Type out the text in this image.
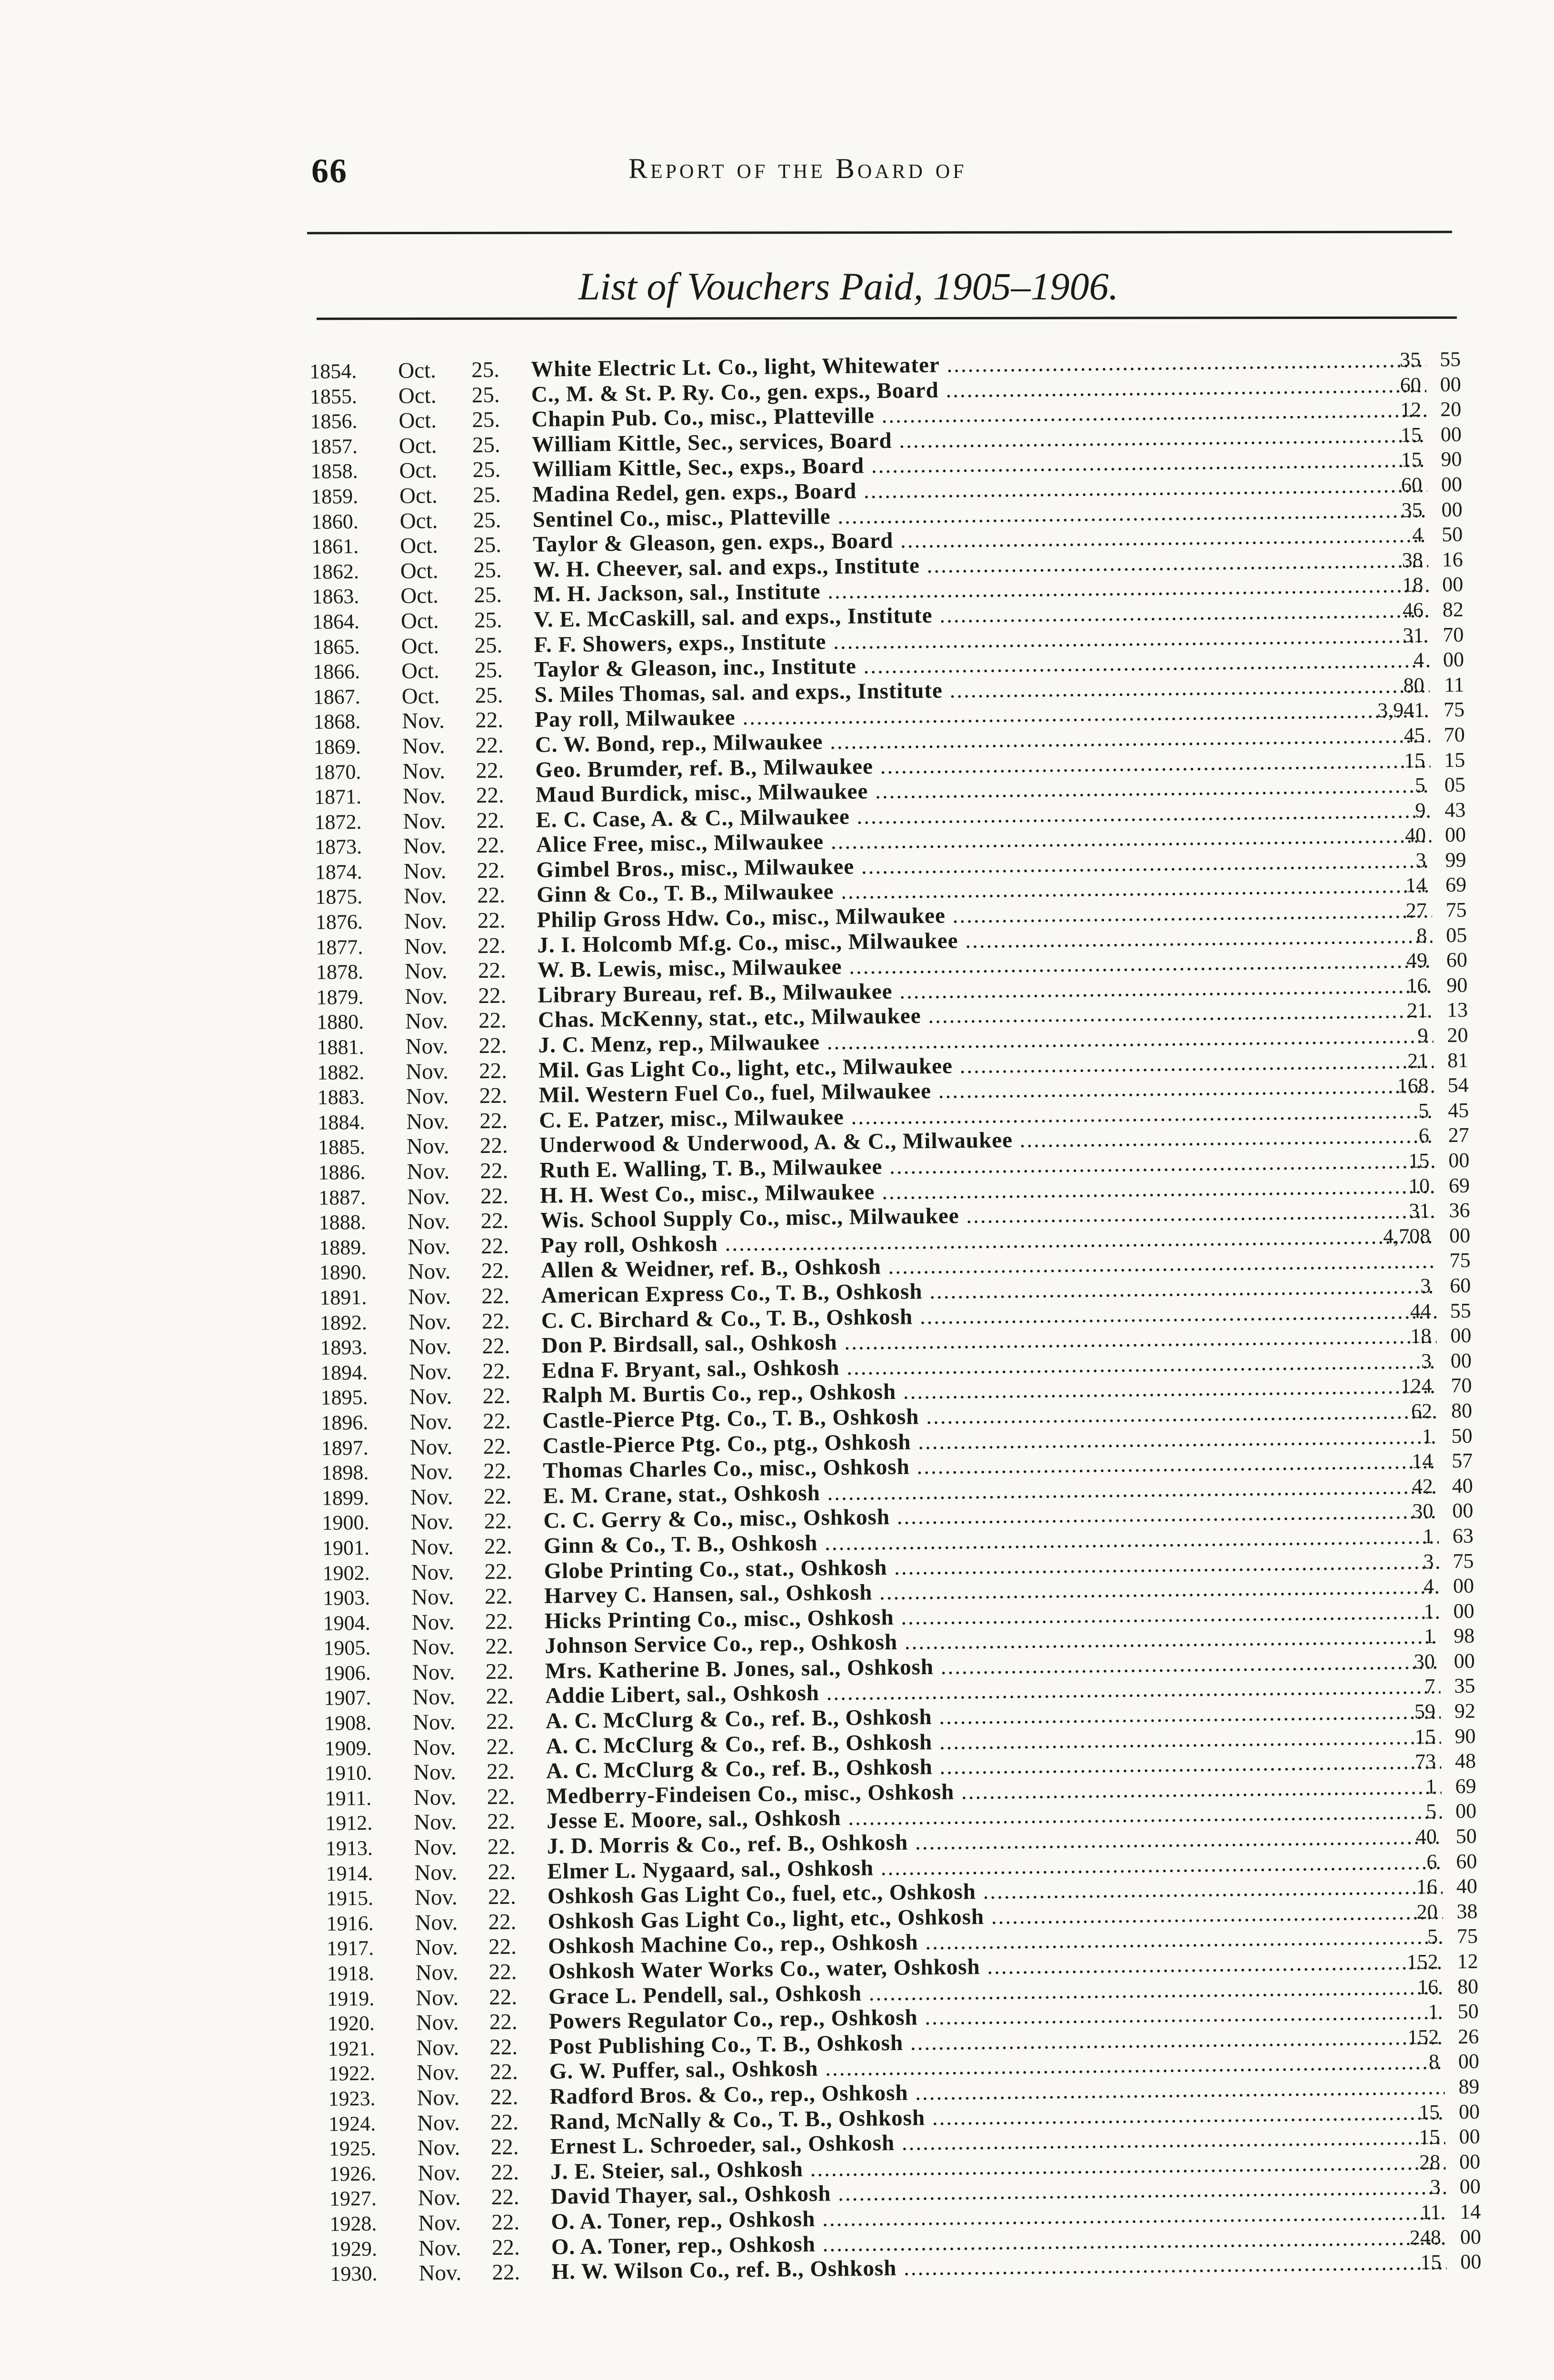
66	Report of the Board of
List of Vouchers Paid, 1905–1906.
1854.	Oct.	25.	White Electric Lt. Co., light, Whitewater .....	35 55
1855.	Oct.	25.	C., M. & St. P. Ry. Co., gen. exps., Board .....	60 00
1856.	Oct.	25.	Chapin Pub. Co., misc., Platteville .....	12 20
1857.	Oct.	25.	William Kittle, Sec., services, Board .....	15 00
1858.	Oct.	25.	William Kittle, Sec., exps., Board .....	15 90
1859.	Oct.	25.	Madina Redel, gen. exps., Board .....	60 00
1860.	Oct.	25.	Sentinel Co., misc., Platteville .....	35 00
1861.	Oct.	25.	Taylor & Gleason, gen. exps., Board .....	4 50
1862.	Oct.	25.	W. H. Cheever, sal. and exps., Institute .....	38 16
1863.	Oct.	25.	M. H. Jackson, sal., Institute .....	18 00
1864.	Oct.	25.	V. E. McCaskill, sal. and exps., Institute .....	46 82
1865.	Oct.	25.	F. F. Showers, exps., Institute .....	31 70
1866.	Oct.	25.	Taylor & Gleason, inc., Institute .....	4 00
1867.	Oct.	25.	S. Miles Thomas, sal. and exps., Institute .....	80 11
1868.	Nov.	22.	Pay roll, Milwaukee .....	3,941 75
1869.	Nov.	22.	C. W. Bond, rep., Milwaukee .....	45 70
1870.	Nov.	22.	Geo. Brumder, ref. B., Milwaukee .....	15 15
1871.	Nov.	22.	Maud Burdick, misc., Milwaukee .....	5 05
1872.	Nov.	22.	E. C. Case, A. & C., Milwaukee .....	9 43
1873.	Nov.	22.	Alice Free, misc., Milwaukee .....	40 00
1874.	Nov.	22.	Gimbel Bros., misc., Milwaukee .....	3 99
1875.	Nov.	22.	Ginn & Co., T. B., Milwaukee .....	14 69
1876.	Nov.	22.	Philip Gross Hdw. Co., misc., Milwaukee .....	27 75
1877.	Nov.	22.	J. I. Holcomb Mf.g. Co., misc., Milwaukee .....	8 05
1878.	Nov.	22.	W. B. Lewis, misc., Milwaukee .....	49 60
1879.	Nov.	22.	Library Bureau, ref. B., Milwaukee .....	16 90
1880.	Nov.	22.	Chas. McKenny, stat., etc., Milwaukee .....	21 13
1881.	Nov.	22.	J. C. Menz, rep., Milwaukee .....	9 20
1882.	Nov.	22.	Mil. Gas Light Co., light, etc., Milwaukee .....	21 81
1883.	Nov.	22.	Mil. Western Fuel Co., fuel, Milwaukee .....	168 54
1884.	Nov.	22.	C. E. Patzer, misc., Milwaukee .....	5 45
1885.	Nov.	22.	Underwood & Underwood, A. & C., Milwaukee .....	6 27
1886.	Nov.	22.	Ruth E. Walling, T. B., Milwaukee .....	15 00
1887.	Nov.	22.	H. H. West Co., misc., Milwaukee .....	10 69
1888.	Nov.	22.	Wis. School Supply Co., misc., Milwaukee .....	31 36
1889.	Nov.	22.	Pay roll, Oshkosh .....	4,708 00
1890.	Nov.	22.	Allen & Weidner, ref. B., Oshkosh .....	75
1891.	Nov.	22.	American Express Co., T. B., Oshkosh .....	3 60
1892.	Nov.	22.	C. C. Birchard & Co., T. B., Oshkosh .....	44 55
1893.	Nov.	22.	Don P. Birdsall, sal., Oshkosh .....	18 00
1894.	Nov.	22.	Edna F. Bryant, sal., Oshkosh .....	3 00
1895.	Nov.	22.	Ralph M. Burtis Co., rep., Oshkosh .....	124 70
1896.	Nov.	22.	Castle-Pierce Ptg. Co., T. B., Oshkosh .....	62 80
1897.	Nov.	22.	Castle-Pierce Ptg. Co., ptg., Oshkosh .....	1 50
1898.	Nov.	22.	Thomas Charles Co., misc., Oshkosh .....	14 57
1899.	Nov.	22.	E. M. Crane, stat., Oshkosh .....	42 40
1900.	Nov.	22.	C. C. Gerry & Co., misc., Oshkosh .....	30 00
1901.	Nov.	22.	Ginn & Co., T. B., Oshkosh .....	1 63
1902.	Nov.	22.	Globe Printing Co., stat., Oshkosh .....	3 75
1903.	Nov.	22.	Harvey C. Hansen, sal., Oshkosh .....	4 00
1904.	Nov.	22.	Hicks Printing Co., misc., Oshkosh .....	1 00
1905.	Nov.	22.	Johnson Service Co., rep., Oshkosh .....	1 98
1906.	Nov.	22.	Mrs. Katherine B. Jones, sal., Oshkosh .....	30 00
1907.	Nov.	22.	Addie Libert, sal., Oshkosh .....	7 35
1908.	Nov.	22.	A. C. McClurg & Co., ref. B., Oshkosh .....	59 92
1909.	Nov.	22.	A. C. McClurg & Co., ref. B., Oshkosh .....	15 90
1910.	Nov.	22.	A. C. McClurg & Co., ref. B., Oshkosh .....	73 48
1911.	Nov.	22.	Medberry-Findeisen Co., misc., Oshkosh .....	1 69
1912.	Nov.	22.	Jesse E. Moore, sal., Oshkosh .....	5 00
1913.	Nov.	22.	J. D. Morris & Co., ref. B., Oshkosh .....	40 50
1914.	Nov.	22.	Elmer L. Nygaard, sal., Oshkosh .....	6 60
1915.	Nov.	22.	Oshkosh Gas Light Co., fuel, etc., Oshkosh .....	16 40
1916.	Nov.	22.	Oshkosh Gas Light Co., light, etc., Oshkosh .....	20 38
1917.	Nov.	22.	Oshkosh Machine Co., rep., Oshkosh .....	5 75
1918.	Nov.	22.	Oshkosh Water Works Co., water, Oshkosh .....	152 12
1919.	Nov.	22.	Grace L. Pendell, sal., Oshkosh .....	16 80
1920.	Nov.	22.	Powers Regulator Co., rep., Oshkosh .....	1 50
1921.	Nov.	22.	Post Publishing Co., T. B., Oshkosh .....	152 26
1922.	Nov.	22.	G. W. Puffer, sal., Oshkosh .....	8 00
1923.	Nov.	22.	Radford Bros. & Co., rep., Oshkosh .....	89
1924.	Nov.	22.	Rand, McNally & Co., T. B., Oshkosh .....	15 00
1925.	Nov.	22.	Ernest L. Schroeder, sal., Oshkosh .....	15 00
1926.	Nov.	22.	J. E. Steier, sal., Oshkosh .....	28 00
1927.	Nov.	22.	David Thayer, sal., Oshkosh .....	3 00
1928.	Nov.	22.	O. A. Toner, rep., Oshkosh .....	11 14
1929.	Nov.	22.	O. A. Toner, rep., Oshkosh .....	248 00
1930.	Nov.	22.	H. W. Wilson Co., ref. B., Oshkosh .....	15 00
